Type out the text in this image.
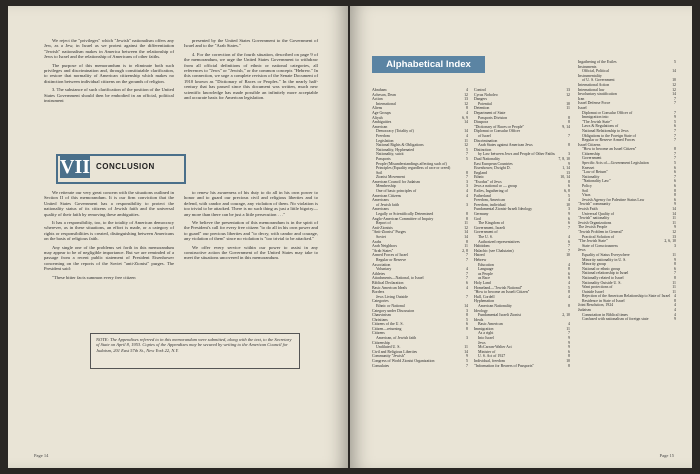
We reject the "privileges" which "Jewish" nationalism offers any Jew, as a Jew, in Israel as we protest against the differentiation "Jewish" nationalism makes in America between the relationship of Jews to Israel and the relationship of Americans of other faiths.

The purpose of this memorandum is to eliminate both such privileges and discrimination and, through constitutable clarification, to restore that normality of American citizenship which makes no distinction between individual citizens on the grounds of religion.

3. The substance of such clarification of the position of the United States Government should then be embodied in an official, political instrument

presented by the United States Government to the Government of Israel and to the "Arab States."

4. For the correction of the fourth situation, described on page 9 of the memorandum, we urge the United States Government to withdraw from all official definitions of ethnic or national categories, all references to "Jews" or "Jewish," or the common concepts "Hebrew." In this connection, we urge a complete revision of the Senate Document of 1910 known as "Dictionary of Races or Peoples." In the nearly half-century that has passed since this document was written, much new scientific knowledge has made possible an infinitely more acceptable and accurate basis for American legislation.

VII CONCLUSION

We reiterate our very great concern with the situations outlined in Section II of this memorandum. It is our firm conviction that the United States Government has a responsibility to protect the nationality status of its citizens of Jewish faith and the universal quality of their faith by removing these ambiguities.

It has a responsibility, too, to the totality of American democracy wherever, as in these situations, an effort is made, or a category of rights or responsibilities is created, distinguishing between Americans on the basis of religious faith.

Any single one of the problems set forth in this memorandum may appear to be of negligible importance. But we are reminded of a passage from a recent public statement of President Eisenhower concerning on the reports of the Soviet "anti-Zionist" purges. The President said:

"These bitter facts summon every free citizen

to renew his awareness of his duty to do all in his own power to honor and to guard our precious civil and religious liberties and to defend, with candor and courage, any violation of them. No violation is too trivial to be attacked. There is no such thing as just a little bigotry—any more than there can be just a little persecution . . ."

We believe the presentation of this memorandum is in the spirit of the President's call for every free citizen "to do all in his own power and to guard" our precious liberties and "to decry, with candor and courage, any violation of them" since no violation is "too trivial to be attacked."

We offer every service within our power to assist in any constructive action the Government of the United States may take to meet the situations uncovered in this memorandum.

NOTE: The Appendixes referred to in this memorandum were submitted, along with the text, to the Secretary of State on April 8, 1953. Copies of the Appendixes may be secured by writing to the American Council for Judaism, 201 East 57th St., New York 22, N.Y.
Page 14
Alphabetical Index
Abraham	4
Acheson, Dean	12
Action	13
International	12
Aliens	8
Age Groups	4
Aliyah	6, 9
Ambiguities	14
American
Democracy (Totality of)	14
Freedom	4
Legislation	11
National Rights & Obligations	12
Nationality, Hyphenated	5
Nationality, suicit	7
Passports	5
People (Misunderstandings affecting such of)
Principles (Equality regardless of race or creed)
Soil	8
Zionist Movement	7
American Council for Judaism	3
Membership	3
One of basic principles of	4
American Citizens	4
Americans
of Jewish faith	3
Americans
Legally or Scientifically Determined	8
Anglo-American Committee of Inquiry	8
Report of	11
Anti-Zionists	12
"Anti-Zionist" Purges	14
Soviet	14
Arabs	8
Arab Neighbors	11
"Arab States"	2, 8
Armed Forces of Israel	7
Regular or Reserve	7
Association
Voluntary	4
Athletes	7
Attachments—National, to Israel	7
Biblical Declaration	6
Basic American Ideals	4
Borders
Jews Living Outside	7
Categories
Ethnic or National	14
Category under Discussion	3
Chauvinism	8
Christians	5
Citizens of the U. S.	6
Citizen—returning	8
Citizens
American, of Jewish faith	3
Citizenship
Undiluted U. S.	11
Civil and Religious Liberties	14
Community "Jewish"	9
Congress of World Zionist Organization	5
Consulates	7
Control	13
Cyrus Noboleo	12
Dangers
Potential	10
Detention	11
Department of State
Passports Division	8
Diaspora	8
"Dictionary of Races or People"	9, 14
Diplomat or Consular Officer
of Israel	7
Discrimination
Arab States against American Jews	8
Distinction
by Law between Jews and People of Other Faiths	3
Dual Nationality	7, 8, 10
East European Countries	9
Eisenhower, Dwight D.	1, 14
England	13
Ethnic	10, 14
"Exodus" of Jews	8
Jews a national or — group	6
Exiles, Ingathering of	6, 8
Fatherland	5
Freedom, American	4
Freedom, individual	10
Fundamental Zionist-Israeli Ideology	3
Germany	9
God	6
The Kingdom of	6
Government, Israeli	7
Government of
The U. S.	4
Authorized representatives	6
Habitdom	7
Halachic (see Chalutzim)	7
Hatred	10
Hebrew
Education	4
Language	8
as People	6
as Race	6
Holy Land	4
Homeland—"Jewish National"	5
"How to become an Israeli Citizen"	8
Hull, Cordell	4
Hyphenation
American Nationality	8
Ideology
Fundamental Israeli Zionist	2, 10
Ideals
Basic American	4
Immigration	11
As a right	7
Into Israel	9
Jews	9
McCarran-Walter Act	9
Minister of	6
U. S. Act of 1927	8
Individual, freedom	10
"Information for Bearers of Passports"	8
Ingathering of the Exiles	5
Instruments
Official, Political	14
Instrumentality
of U. S. Government	10
International Action	12
International law	12
Involuntary stratification	14
Iran	7
Israel Defense Force	7
Israel
Diplomat or Consular Officer of	7
Immigration into	9
"The Jewish State"	5
Laws & Regulations of	6
National Relationship to Jews	7
Obligations to the Foreign State of	7
Regular or Reserve Armed Forces	7
Israel Citizens
"How to become an Israel Citizen"	8
Citizenship	7
Government	7
Specific Acts of—Government Legislation	5
Knesset	6
"Law of Return"	6
Nationality	7
"Nationality Law"	6
Policy	6
Soil	8
Visas	8
Jewish Agency for Palestine Status Law	6
"Jewish" community	9
Jewish Faith	14
Universal Quality of	14
"Jewish" nationality	11
Jewish Organizations	11
The Jewish People	9
"Jewish Problem in General"	12
Practical Solution of	13
"The Jewish State"	2, 6, 10
State of Consciousness	3
Jews
Equality of Status Everywhere	11
Minority nationality in U. S.	9
Minority group	8
National or ethnic group	6
National relationship to Israel	7
Nationally related to Israel	8
Nationality Outside U. S.	11
Want protections of	11
Outside Israel	11
Rejection of the American Relationship to State of Israel 4
Residence in State of Israel	8
Joint Resolution, 1924	4
Judaism	4
Connotation in Biblical times	4
Confused with nationalism of foreign state	9
Page 15
